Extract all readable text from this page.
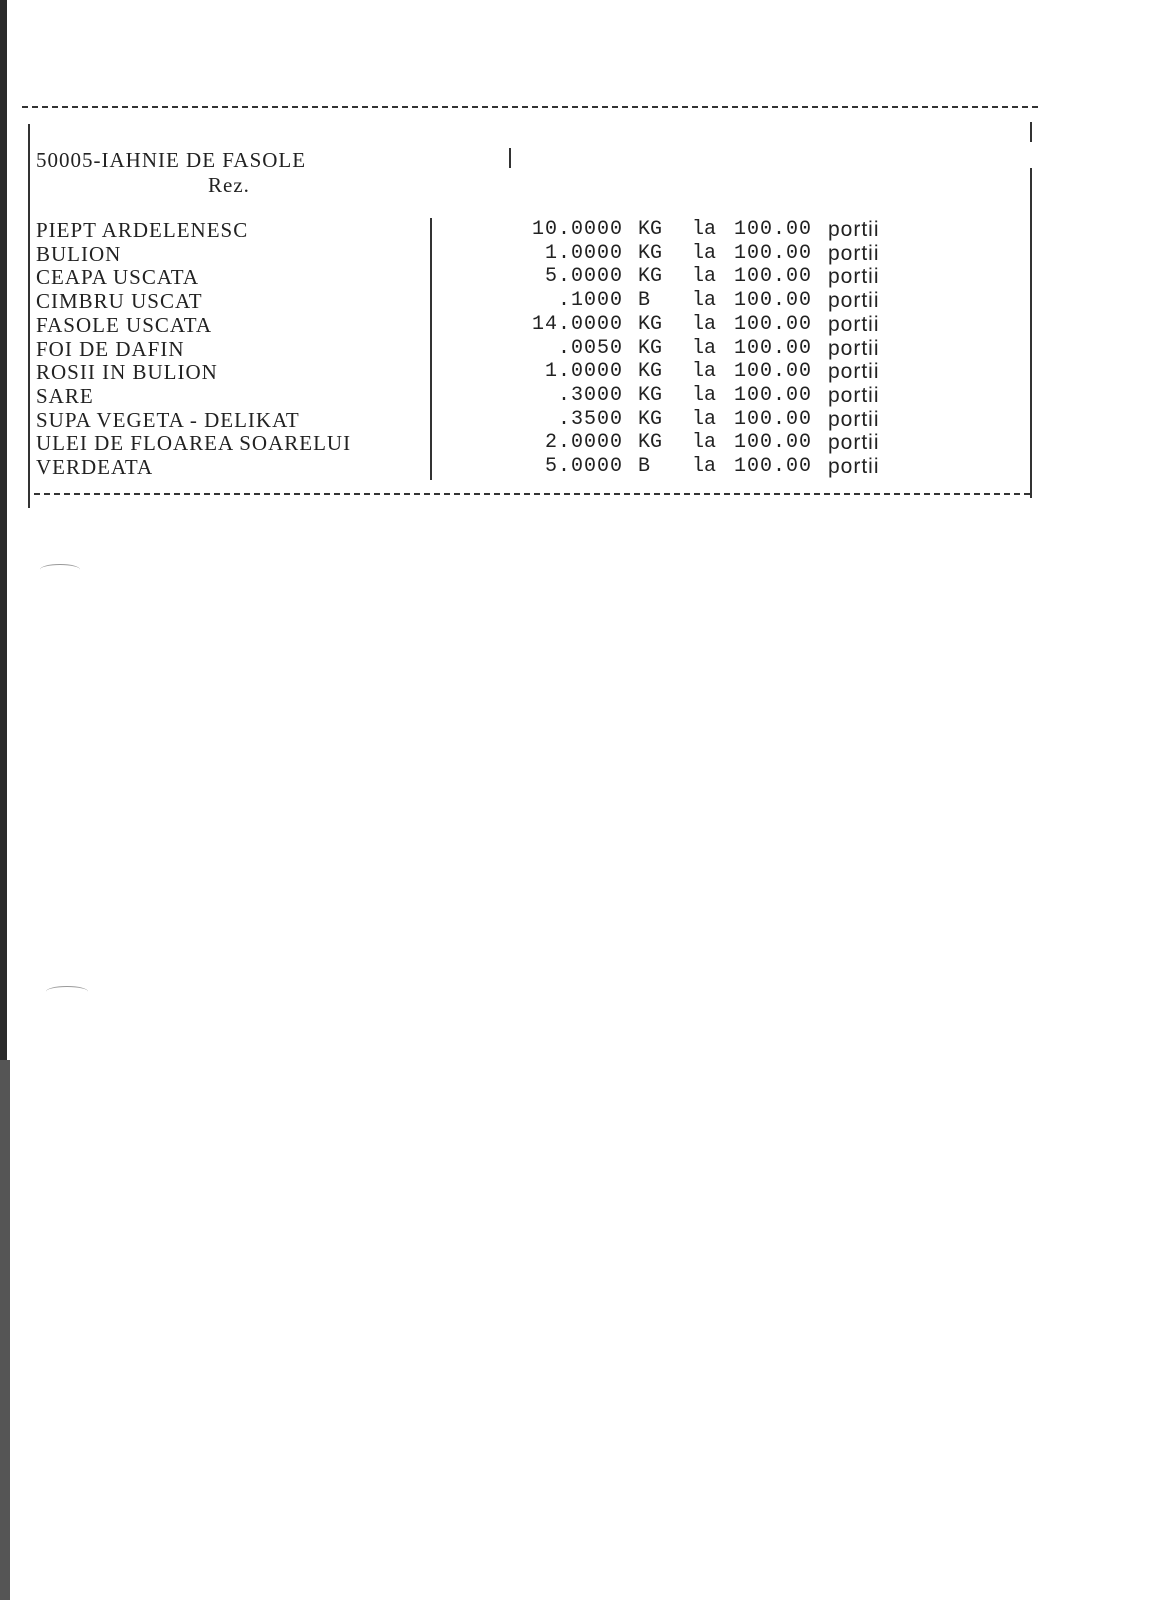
50005-IAHNIE DE FASOLE
Rez.
PIEPT ARDELENESC	10.0000 KG la 100.00 portii
BULION	1.0000 KG la 100.00 portii
CEAPA USCATA	5.0000 KG la 100.00 portii
CIMBRU USCAT	.1000 B la 100.00 portii
FASOLE USCATA	14.0000 KG la 100.00 portii
FOI DE DAFIN	.0050 KG la 100.00 portii
ROSII IN BULION	1.0000 KG la 100.00 portii
SARE	.3000 KG la 100.00 portii
SUPA VEGETA - DELIKAT	.3500 KG la 100.00 portii
ULEI DE FLOAREA SOARELUI	2.0000 KG la 100.00 portii
VERDEATA	5.0000 B la 100.00 portii
